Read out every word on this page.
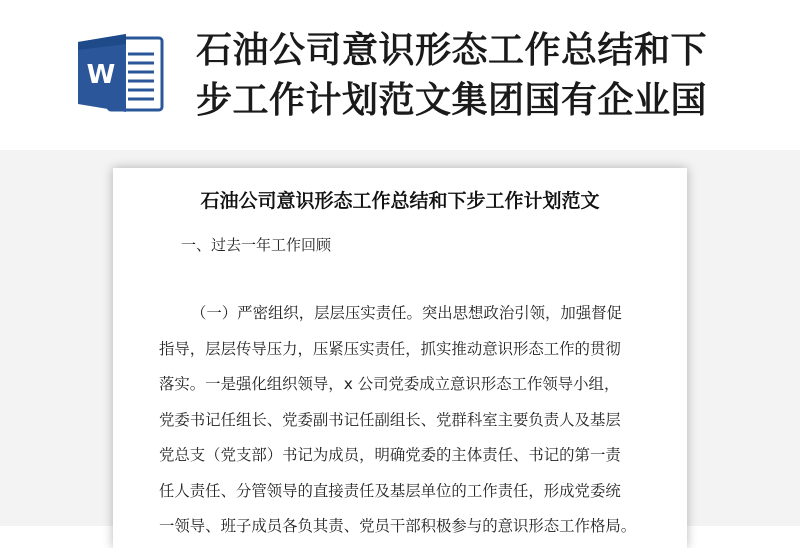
W
石油公司意识形态工作总结和下
步工作计划范文集团国有企业国
石油公司意识形态工作总结和下步工作计划范文
一、过去一年工作回顾
（一）严密组织，层层压实责任。突出思想政治引领，加强督促
指导，层层传导压力，压紧压实责任，抓实推动意识形态工作的贯彻
落实。一是强化组织领导，x 公司党委成立意识形态工作领导小组，
党委书记任组长、党委副书记任副组长、党群科室主要负责人及基层
党总支（党支部）书记为成员，明确党委的主体责任、书记的第一责
任人责任、分管领导的直接责任及基层单位的工作责任，形成党委统
一领导、班子成员各负其责、党员干部积极参与的意识形态工作格局。
